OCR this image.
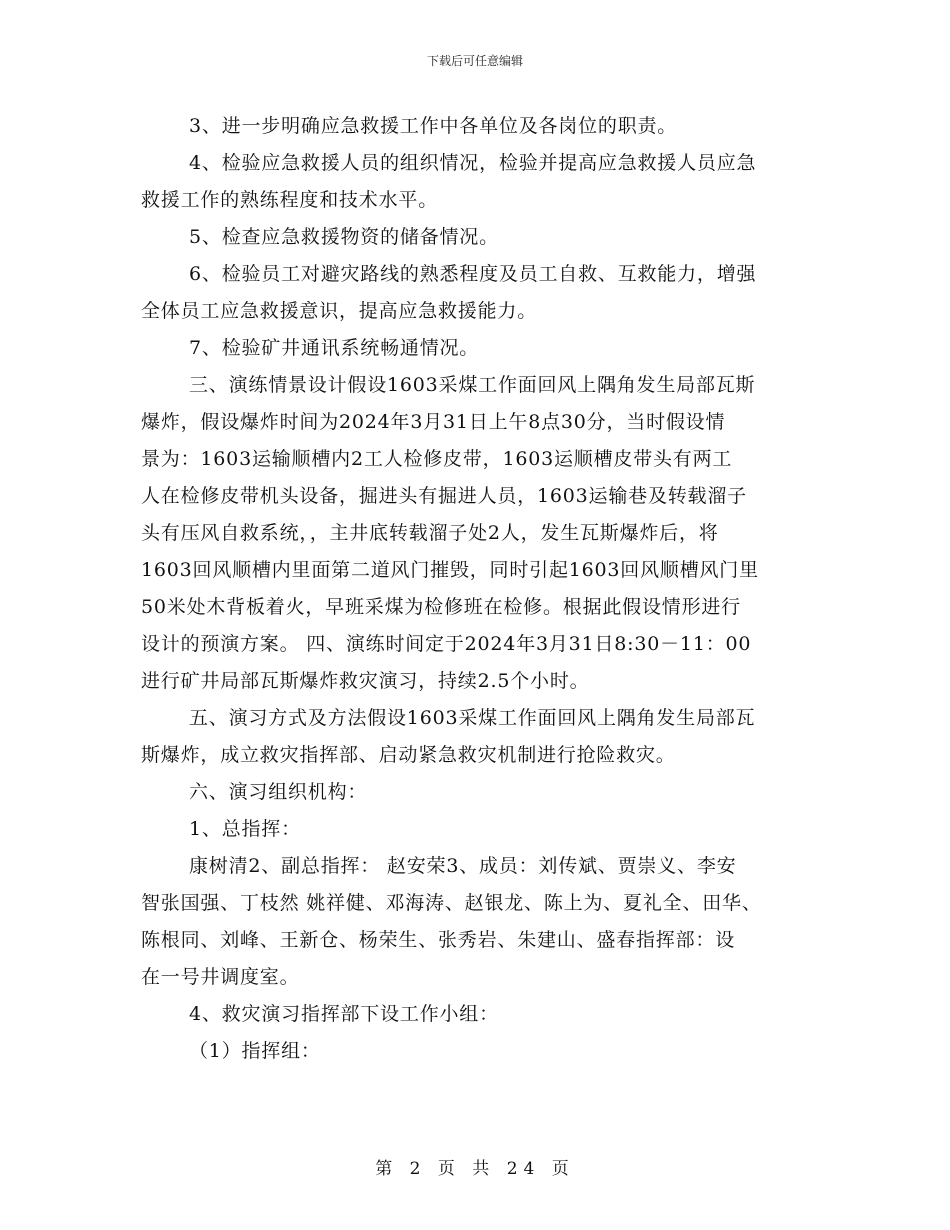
下载后可任意编辑
3、进一步明确应急救援工作中各单位及各岗位的职责。
4、检验应急救援人员的组织情况，检验并提高应急救援人员应急
救援工作的熟练程度和技术水平。
5、检查应急救援物资的储备情况。
6、检验员工对避灾路线的熟悉程度及员工自救、互救能力，增强
全体员工应急救援意识，提高应急救援能力。
7、检验矿井通讯系统畅通情况。
三、演练情景设计假设1603采煤工作面回风上隅角发生局部瓦斯
爆炸，假设爆炸时间为2024年3月31日上午8点30分，当时假设情
景为：1603运输顺槽内2工人检修皮带，1603运顺槽皮带头有两工
人在检修皮带机头设备，掘进头有掘进人员，1603运输巷及转载溜子
头有压风自救系统，，主井底转载溜子处2人，发生瓦斯爆炸后，将
1603回风顺槽内里面第二道风门摧毁，同时引起1603回风顺槽风门里
50米处木背板着火，早班采煤为检修班在检修。根据此假设情形进行
设计的预演方案。 四、演练时间定于2024年3月31日8:30－11：00
进行矿井局部瓦斯爆炸救灾演习，持续2.5个小时。
五、演习方式及方法假设1603采煤工作面回风上隅角发生局部瓦
斯爆炸，成立救灾指挥部、启动紧急救灾机制进行抢险救灾。
六、演习组织机构：
1、总指挥：
康树清2、副总指挥： 赵安荣3、成员：刘传斌、贾崇义、李安
智张国强、丁枝然 姚祥健、邓海涛、赵银龙、陈上为、夏礼全、田华、
陈根同、刘峰、王新仓、杨荣生、张秀岩、朱建山、盛春指挥部：设
在一号井调度室。
4、救灾演习指挥部下设工作小组：
（1）指挥组：
第 2 页 共 24 页
